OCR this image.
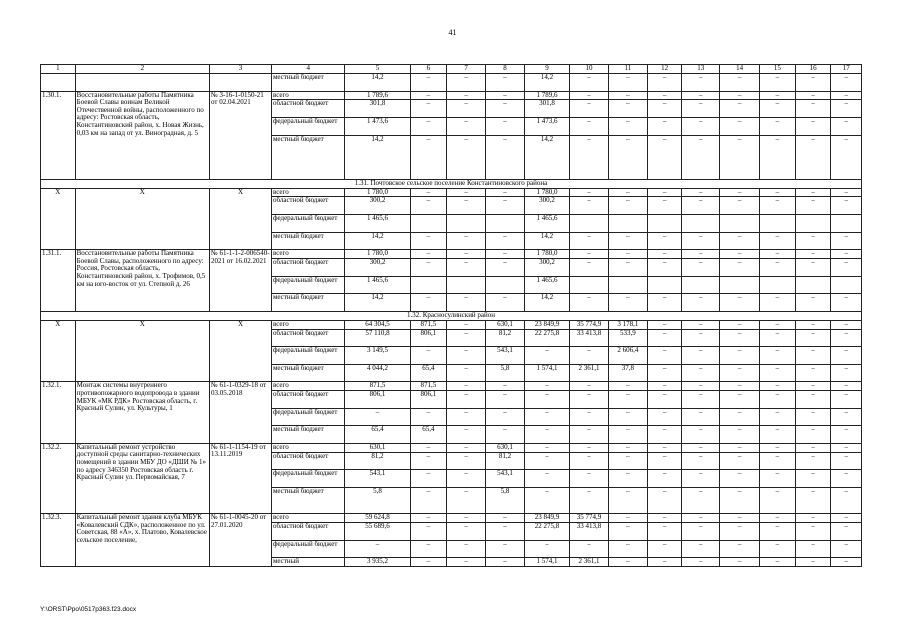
41
1	2	3	4	5	6	7	8	9	10	11	12	13	14	15	16	17
			местный бюджет	14,2	–	–	–	14,2	–	–	–	–	–	–	–	–
1.30.1.	Восстановительные работы Памятника Боевой Славы воинам Великой Отечественной войны, расположенного по адресу: Ростовская область, Константиновский район, х. Новая Жизнь, 0,03 км на запад от ул. Виноградная, д. 5	№ 3-16-1-0150-21 от 02.04.2021	всего	1 789,6	–	–	–	1 789,6	–	–	–	–	–	–	–	–
			областной бюджет	301,8	–	–	–	301,8	–	–	–	–	–	–	–	–
			федеральный бюджет	1 473,6	–	–	–	1 473,6	–	–	–	–	–	–	–	–
			местный бюджет	14,2	–	–	–	14,2	–	–	–	–	–	–	–	–
1.31. Почтовское сельское поселение Константиновского района																
Х	Х	Х	всего	1 780,0	–	–	–	1 780,0	–	–	–	–	–	–	–	–
			областной бюджет	300,2	–	–	–	300,2	–	–	–	–	–	–	–	–
			федеральный бюджет	1 465,6				1 465,6								
			местный бюджет	14,2	–	–	–	14,2	–	–	–	–	–	–	–	–
1.31.1.	Восстановительные работы Памятника Боевой Славы, расположенного по адресу: Россия, Ростовская область, Константиновский район, х. Трофимов, 0,5 км на юго-восток от ул. Степной д. 26	№ 61-1-1-2-006540-2021 от 16.02.2021	всего	1 780,0	–	–	–	1 780,0	–	–	–	–	–	–	–	–
			областной бюджет	300,2	–	–	–	300,2	–	–	–	–	–	–	–	–
			федеральный бюджет	1 465,6				1 465,6								
			местный бюджет	14,2	–	–	–	14,2	–	–	–	–	–	–	–	–
1.32. Красносулинский район																
Х	Х	Х	всего	64 304,5	871,5	–	630,1	23 849,9	35 774,9	3 178,1	–	–	–	–	–	–
			областной бюджет	57 110,8	806,1	–	81,2	22 275,8	33 413,8	533,9	–	–	–	–	–	–
			федеральный бюджет	3 149,5	–	–	543,1	–	–	2 606,4	–	–	–	–	–	–
			местный бюджет	4 044,2	65,4	–	5,8	1 574,1	2 361,1	37,8	–	–	–	–	–	–
1.32.1.	Монтаж системы внутреннего противопожарного водопровода в здании МБУК «МК РДК» Ростовская область, г. Красный Сулин, ул. Культуры, 1	№ 61-1-0329-18 от 03.05.2018	всего	871,5	871,5	–	–	–	–	–	–	–	–	–	–	–
			областной бюджет	806,1	806,1	–	–	–	–	–	–	–	–	–	–	–
			федеральный бюджет	–	–	–	–	–	–	–	–	–	–	–	–	–
			местный бюджет	65,4	65,4	–	–	–	–	–	–	–	–	–	–	–
1.32.2.	Капитальный ремонт устройство доступной среды санитарно-технических помещений в здании МБУ ДО «ДШИ № 1» по адресу 346350 Ростовская область г. Красный Сулин ул. Первомайская, 7	№ 61-1-1154-19 от 13.11.2019	всего	630,1	–	–	630,1	–	–	–	–	–	–	–	–	–
			областной бюджет	81,2	–	–	81,2	–	–	–	–	–	–	–	–	–
			федеральный бюджет	543,1	–	–	543,1	–	–	–	–	–	–	–	–	–
			местный бюджет	5,8	–	–	5,8	–	–	–	–	–	–	–	–	–
1.32.3.	Капитальный ремонт здания клуба МБУК «Ковалевский СДК», расположенное по ул. Советская, 88 «А», х. Платово, Ковалевское сельское поселение,	№ 61-1-0045-20 от 27.01.2020	всего	59 624,8	–	–	–	23 849,9	35 774,9	–	–	–	–	–	–	–
			областной бюджет	55 689,6	–	–	–	22 275,8	33 413,8	–	–	–	–	–	–	–
			федеральный бюджет	–	–	–	–	–	–	–	–	–	–	–	–	–
			местный	3 935,2	–	–	–	1 574,1	2 361,1	–	–	–	–	–	–	–
Y:\ORST\Ppo\0517p363.f23.docx
